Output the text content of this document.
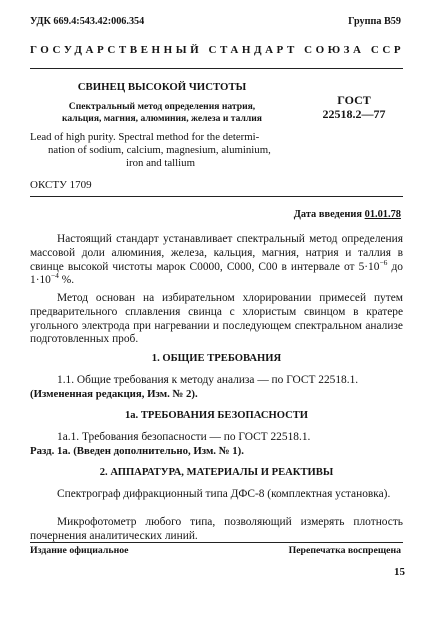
УДК 669.4:543.42:006.354	Группа В59
ГОСУДАРСТВЕННЫЙ СТАНДАРТ СОЮЗА ССР
СВИНЕЦ ВЫСОКОЙ ЧИСТОТЫ
Спектральный метод определения натрия,
кальция, магния, алюминия, железа и таллия
ГОСТ
22518.2—77
Lead of high purity. Spectral method for the determi-
nation of sodium, calcium, magnesium, aluminium,
iron and tallium
ОКСТУ 1709
Дата введения 01.01.78
Настоящий стандарт устанавливает спектральный метод определения массовой доли алюминия, железа, кальция, магния, натрия и таллия в свинце высокой чистоты марок С0000, С000, С00 в интервале от $5\cdot 10^{-6}$ до $1\cdot 10^{-4}$ %.
Метод основан на избирательном хлорировании примесей путем предварительного сплавления свинца с хлористым свинцом в кратере угольного электрода при нагревании и последующем спектральном анализе подготовленных проб.
1. ОБЩИЕ ТРЕБОВАНИЯ
1.1. Общие требования к методу анализа — по ГОСТ 22518.1.
(Измененная редакция, Изм. № 2).
1а. ТРЕБОВАНИЯ БЕЗОПАСНОСТИ
1а.1. Требования безопасности — по ГОСТ 22518.1.
Разд. 1а. (Введен дополнительно, Изм. № 1).
2. АППАРАТУРА, МАТЕРИАЛЫ И РЕАКТИВЫ
Спектрограф дифракционный типа ДФС-8 (комплектная установка).
Микрофотометр любого типа, позволяющий измерять плотность почернения аналитических линий.
Издание официальное	Перепечатка воспрещена
15
